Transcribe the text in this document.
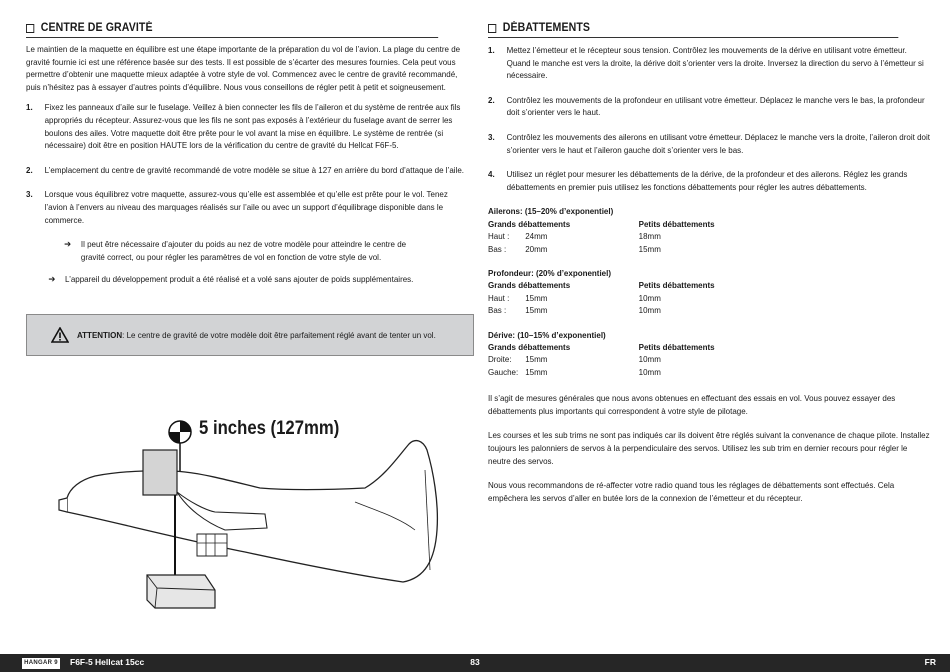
CENTRE DE GRAVITÉ
Le maintien de la maquette en équilibre est une étape importante de la préparation du vol de l’avion. La plage du centre de gravité fournie ici est une référence basée sur des tests. Il est possible de s’écarter des mesures fournies. Cela peut vous permettre d’obtenir une maquette mieux adaptée à votre style de vol. Commencez avec le centre de gravité recommandé, puis n’hésitez pas à essayer d’autres points d’équilibre. Nous vous conseillons de régler petit à petit et soigneusement.
1.	Fixez les panneaux d’aile sur le fuselage. Veillez à bien connecter les fils de l’aileron et du système de rentrée aux fils appropriés du récepteur. Assurez-vous que les fils ne sont pas exposés à l’extérieur du fuselage avant de serrer les boulons des ailes. Votre maquette doit être prête pour le vol avant la mise en équilibre. Le système de rentrée (si nécessaire) doit être en position HAUTE lors de la vérification du centre de gravité du Hellcat F6F-5.
2.	L’emplacement du centre de gravité recommandé de votre modèle se situe à 127 en arrière du bord d’attaque de l’aile.
3.	Lorsque vous équilibrez votre maquette, assurez-vous qu’elle est assemblée et qu’elle est prête pour le vol. Tenez l’avion à l’envers au niveau des marquages réalisés sur l’aile ou avec un support d’équilibrage disponible dans le commerce.
➔	Il peut être nécessaire d’ajouter du poids au nez de votre modèle pour atteindre le centre de gravité correct, ou pour régler les paramètres de vol en fonction de votre style de vol.
➔	L’appareil du développement produit a été réalisé et a volé sans ajouter de poids supplémentaires.
ATTENTION: Le centre de gravité de votre modèle doit être parfaitement réglé avant de tenter un vol.
5 inches (127mm)
DÉBATTEMENTS
1.	Mettez l’émetteur et le récepteur sous tension. Contrôlez les mouvements de la dérive en utilisant votre émetteur. Quand le manche est vers la droite, la dérive doit s’orienter vers la droite. Inversez la direction du servo à l’émetteur si nécessaire.
2.	Contrôlez les mouvements de la profondeur en utilisant votre émetteur. Déplacez le manche vers le bas, la profondeur doit s’orienter vers le haut.
3.	Contrôlez les mouvements des ailerons en utilisant votre émetteur. Déplacez le manche vers la droite, l’aileron droit doit s’orienter vers le haut et l’aileron gauche doit s’orienter vers le bas.
4.	Utilisez un réglet pour mesurer les débattements de la dérive, de la profondeur et des ailerons. Réglez les grands débattements en premier puis utilisez les fonctions débattements pour régler les autres débattements.
Ailerons: (15–20% d’exponentiel)
Grands débattements	Petits débattements
Haut :	24mm	18mm
Bas :	20mm	15mm
Profondeur: (20% d’exponentiel)
Grands débattements	Petits débattements
Haut :	15mm	10mm
Bas :	15mm	10mm
Dérive: (10–15% d’exponentiel)
Grands débattements	Petits débattements
Droite:	15mm	10mm
Gauche: 15mm	10mm
Il s’agit de mesures générales que nous avons obtenues en effectuant des essais en vol. Vous pouvez essayer des débattements plus importants qui correspondent à votre style de pilotage.
Les courses et les sub trims ne sont pas indiqués car ils doivent être réglés suivant la convenance de chaque pilote. Installez toujours les palonniers de servos à la perpendiculaire des servos. Utilisez les sub trim en dernier recours pour régler le neutre des servos.
Nous vous recommandons de ré-affecter votre radio quand tous les réglages de débattements sont effectués. Cela empêchera les servos d’aller en butée lors de la connexion de l’émetteur et du récepteur.
HANGAR 9 F6F-5 Hellcat 15cc	83	FR
